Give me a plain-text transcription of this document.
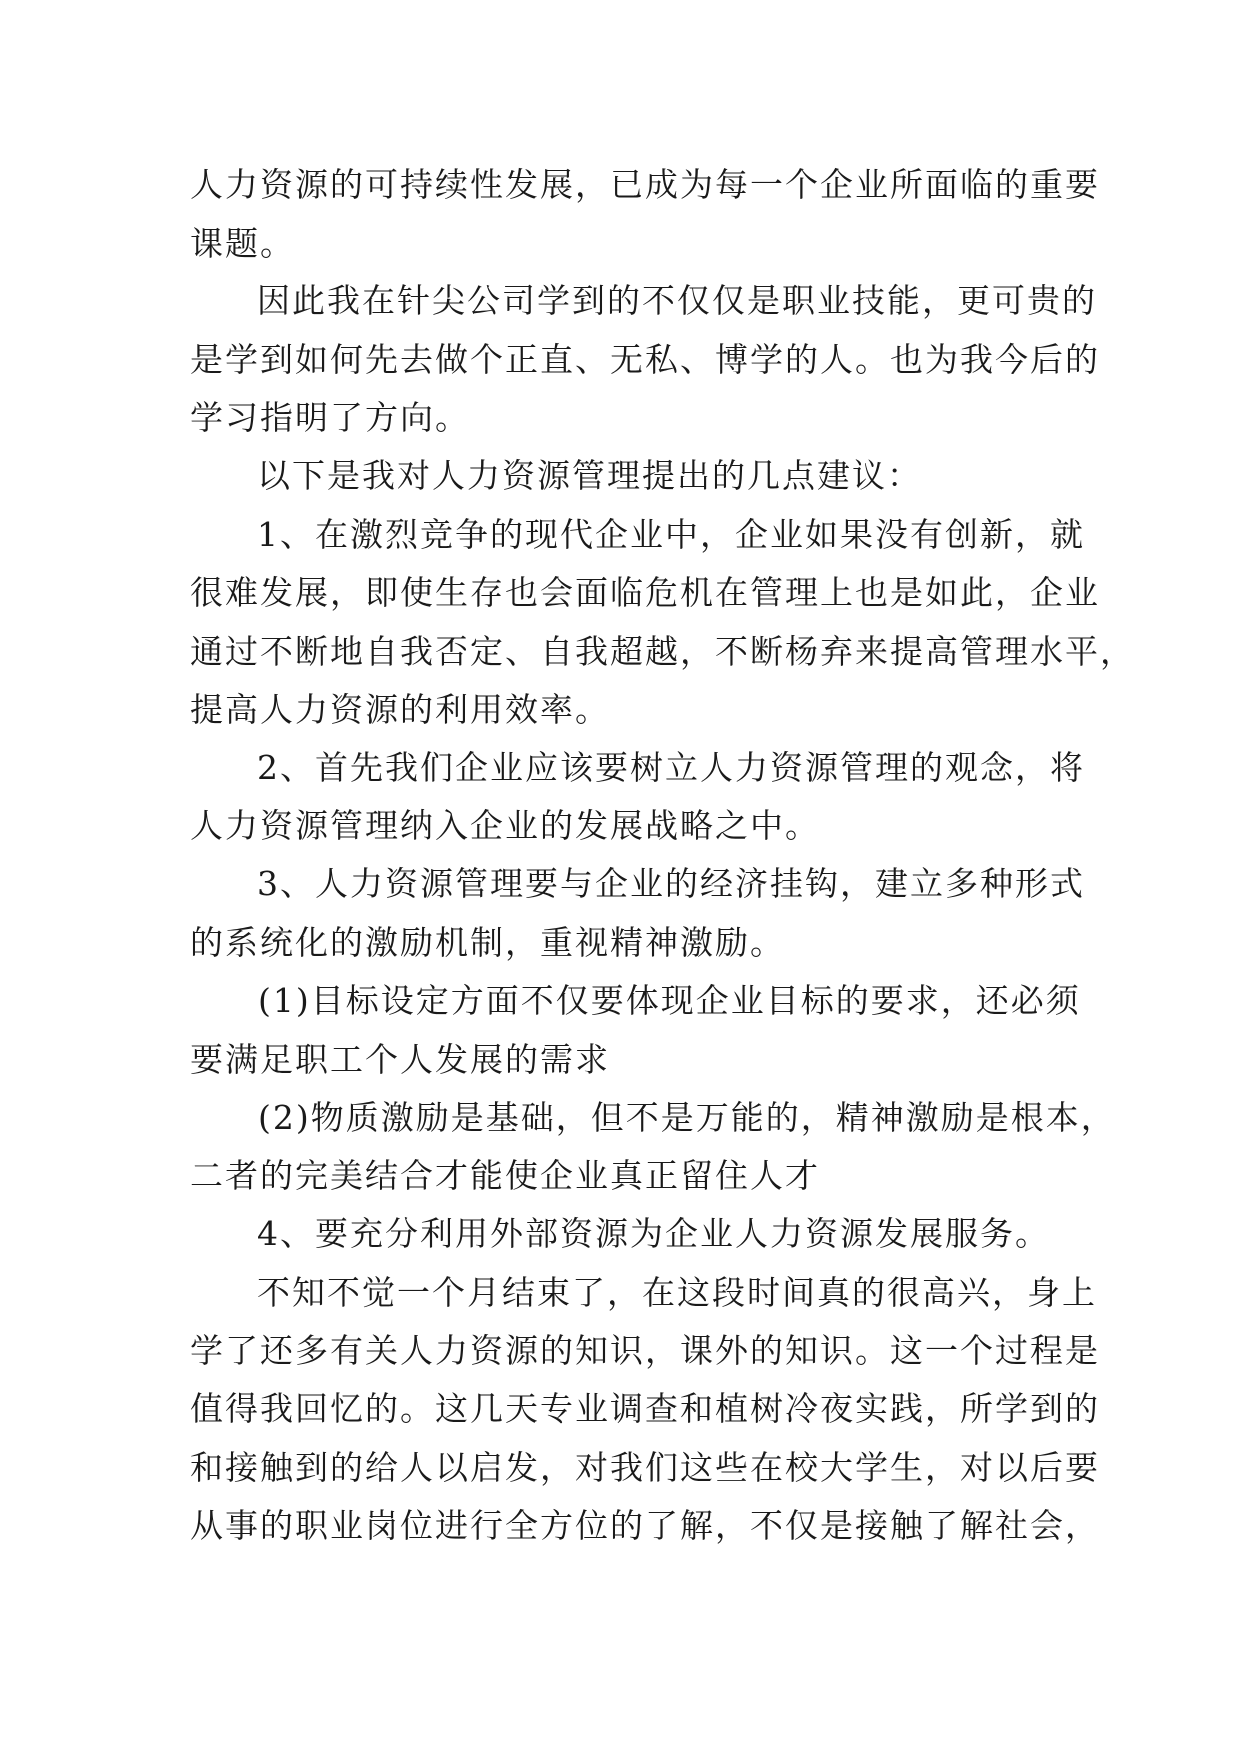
人力资源的可持续性发展，已成为每一个企业所面临的重要
课题。
因此我在针尖公司学到的不仅仅是职业技能，更可贵的
是学到如何先去做个正直、无私、博学的人。也为我今后的
学习指明了方向。
以下是我对人力资源管理提出的几点建议：
1、在激烈竞争的现代企业中，企业如果没有创新，就
很难发展，即使生存也会面临危机在管理上也是如此，企业
通过不断地自我否定、自我超越，不断杨弃来提高管理水平，
提高人力资源的利用效率。
2、首先我们企业应该要树立人力资源管理的观念，将
人力资源管理纳入企业的发展战略之中。
3、人力资源管理要与企业的经济挂钩，建立多种形式
的系统化的激励机制，重视精神激励。
(1)目标设定方面不仅要体现企业目标的要求，还必须
要满足职工个人发展的需求
(2)物质激励是基础，但不是万能的，精神激励是根本，
二者的完美结合才能使企业真正留住人才
4、要充分利用外部资源为企业人力资源发展服务。
不知不觉一个月结束了，在这段时间真的很高兴，身上
学了还多有关人力资源的知识，课外的知识。这一个过程是
值得我回忆的。这几天专业调查和植树冷夜实践，所学到的
和接触到的给人以启发，对我们这些在校大学生，对以后要
从事的职业岗位进行全方位的了解，不仅是接触了解社会，
